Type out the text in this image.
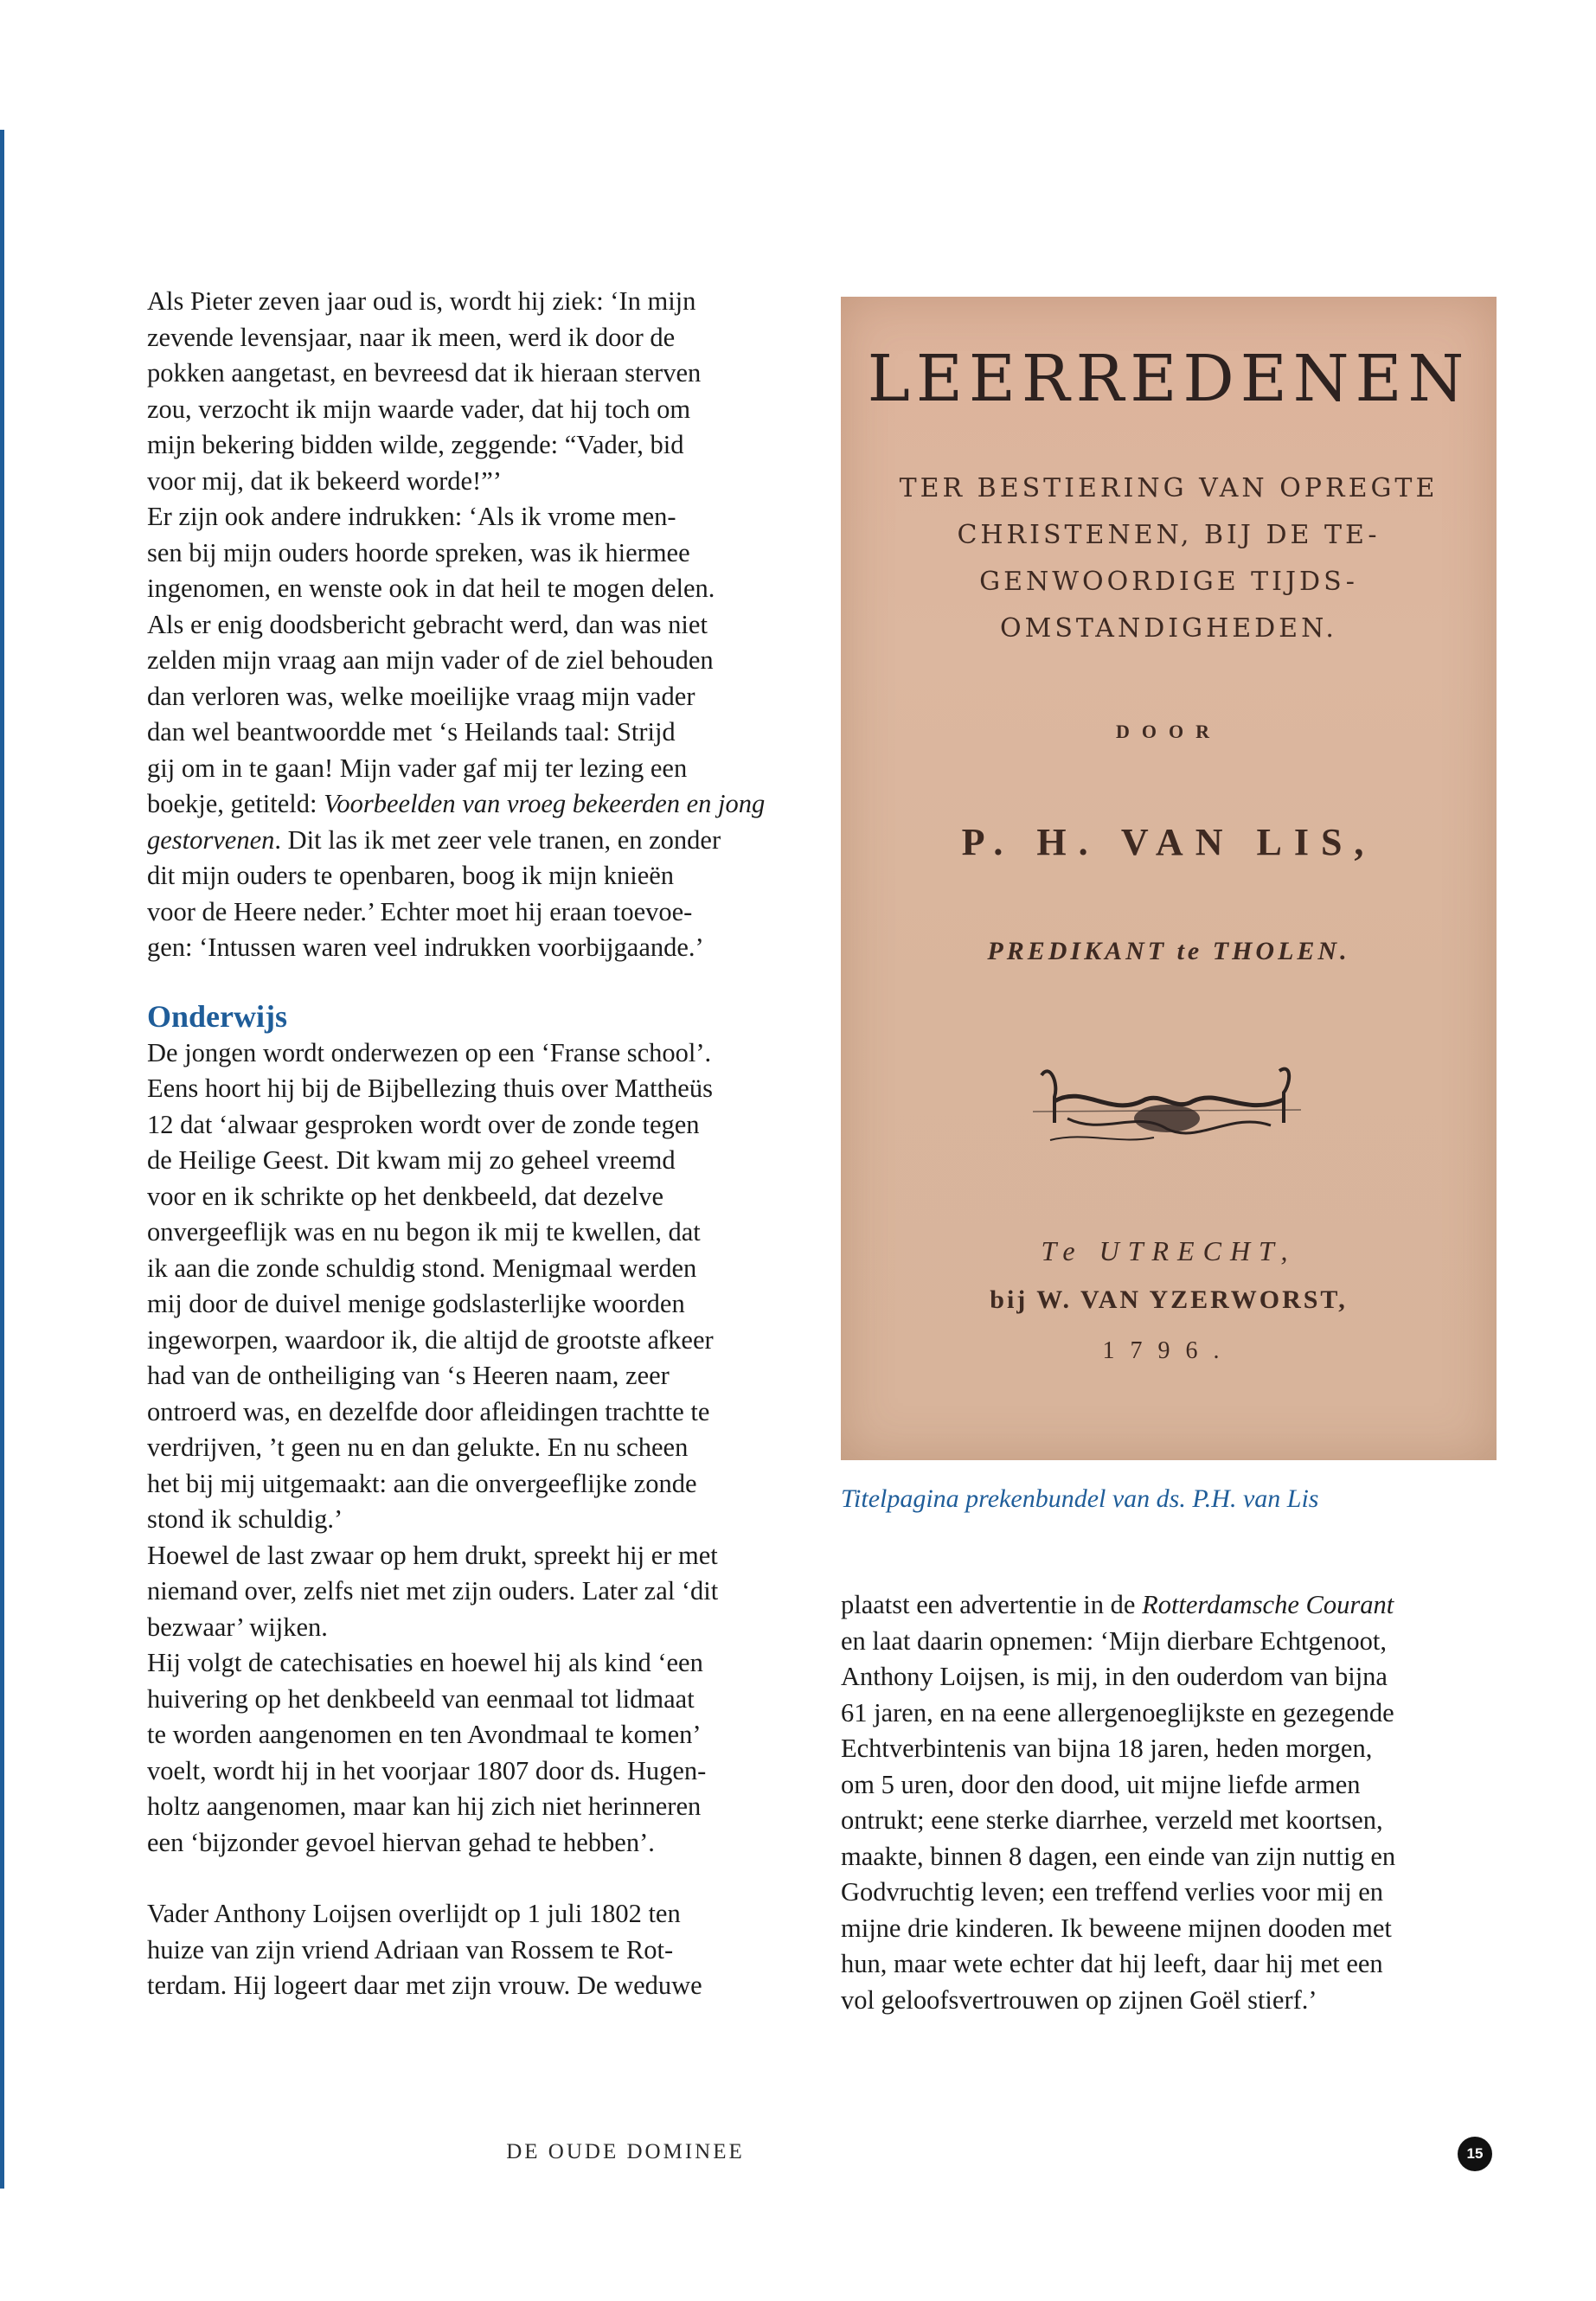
Als Pieter zeven jaar oud is, wordt hij ziek: ‘In mijn

zevende levensjaar, naar ik meen, werd ik door de

pokken aangetast, en bevreesd dat ik hieraan sterven

zou, verzocht ik mijn waarde vader, dat hij toch om

mijn bekering bidden wilde, zeggende: “Vader, bid

voor mij, dat ik bekeerd worde!”’

Er zijn ook andere indrukken: ‘Als ik vrome men-

sen bij mijn ouders hoorde spreken, was ik hiermee

ingenomen, en wenste ook in dat heil te mogen delen.

Als er enig doodsbericht gebracht werd, dan was niet

zelden mijn vraag aan mijn vader of de ziel behouden

dan verloren was, welke moeilijke vraag mijn vader

dan wel beantwoordde met ‘s Heilands taal: Strijd

gij om in te gaan! Mijn vader gaf mij ter lezing een

boekje, getiteld: Voorbeelden van vroeg bekeerden en jong

gestorvenen. Dit las ik met zeer vele tranen, en zonder

dit mijn ouders te openbaren, boog ik mijn knieën

voor de Heere neder.’ Echter moet hij eraan toevoe-

gen: ‘Intussen waren veel indrukken voorbijgaande.’

Onderwijs

De jongen wordt onderwezen op een ‘Franse school’.

Eens hoort hij bij de Bijbellezing thuis over Mattheüs

12 dat ‘alwaar gesproken wordt over de zonde tegen

de Heilige Geest. Dit kwam mij zo geheel vreemd

voor en ik schrikte op het denkbeeld, dat dezelve

onvergeeflijk was en nu begon ik mij te kwellen, dat

ik aan die zonde schuldig stond. Menigmaal werden

mij door de duivel menige godslasterlijke woorden

ingeworpen, waardoor ik, die altijd de grootste afkeer

had van de ontheiliging van ‘s Heeren naam, zeer

ontroerd was, en dezelfde door afleidingen trachtte te

verdrijven, ’t geen nu en dan gelukte. En nu scheen

het bij mij uitgemaakt: aan die onvergeeflijke zonde

stond ik schuldig.’

Hoewel de last zwaar op hem drukt, spreekt hij er met

niemand over, zelfs niet met zijn ouders. Later zal ‘dit

bezwaar’ wijken.

Hij volgt de catechisaties en hoewel hij als kind ‘een

huivering op het denkbeeld van eenmaal tot lidmaat

te worden aangenomen en ten Avondmaal te komen’

voelt, wordt hij in het voorjaar 1807 door ds. Hugen-

holtz aangenomen, maar kan hij zich niet herinneren

een ‘bijzonder gevoel hiervan gehad te hebben’.

Vader Anthony Loijsen overlijdt op 1 juli 1802 ten

huize van zijn vriend Adriaan van Rossem te Rot-

terdam. Hij logeert daar met zijn vrouw. De weduwe

LEERREDENEN
TER BESTIERING VAN OPREGTE
CHRISTENEN, BIJ DE TE-
GENWOORDIGE TIJDS-
OMSTANDIGHEDEN.
DOOR
P. H. VAN LIS,
PREDIKANT te THOLEN.
Te UTRECHT,
bij W. VAN YZERWORST,
1796.
Titelpagina prekenbundel van ds. P.H. van Lis

plaatst een advertentie in de Rotterdamsche Courant

en laat daarin opnemen: ‘Mijn dierbare Echtgenoot,

Anthony Loijsen, is mij, in den ouderdom van bijna

61 jaren, en na eene allergenoeglijkste en gezegende

Echtverbintenis van bijna 18 jaren, heden morgen,

om 5 uren, door den dood, uit mijne liefde armen

ontrukt; eene sterke diarrhee, verzeld met koortsen,

maakte, binnen 8 dagen, een einde van zijn nuttig en

Godvruchtig leven; een treffend verlies voor mij en

mijne drie kinderen. Ik beweene mijnen dooden met

hun, maar wete echter dat hij leeft, daar hij met een

vol geloofsvertrouwen op zijnen Goël stierf.’

DE OUDE DOMINEE	15
